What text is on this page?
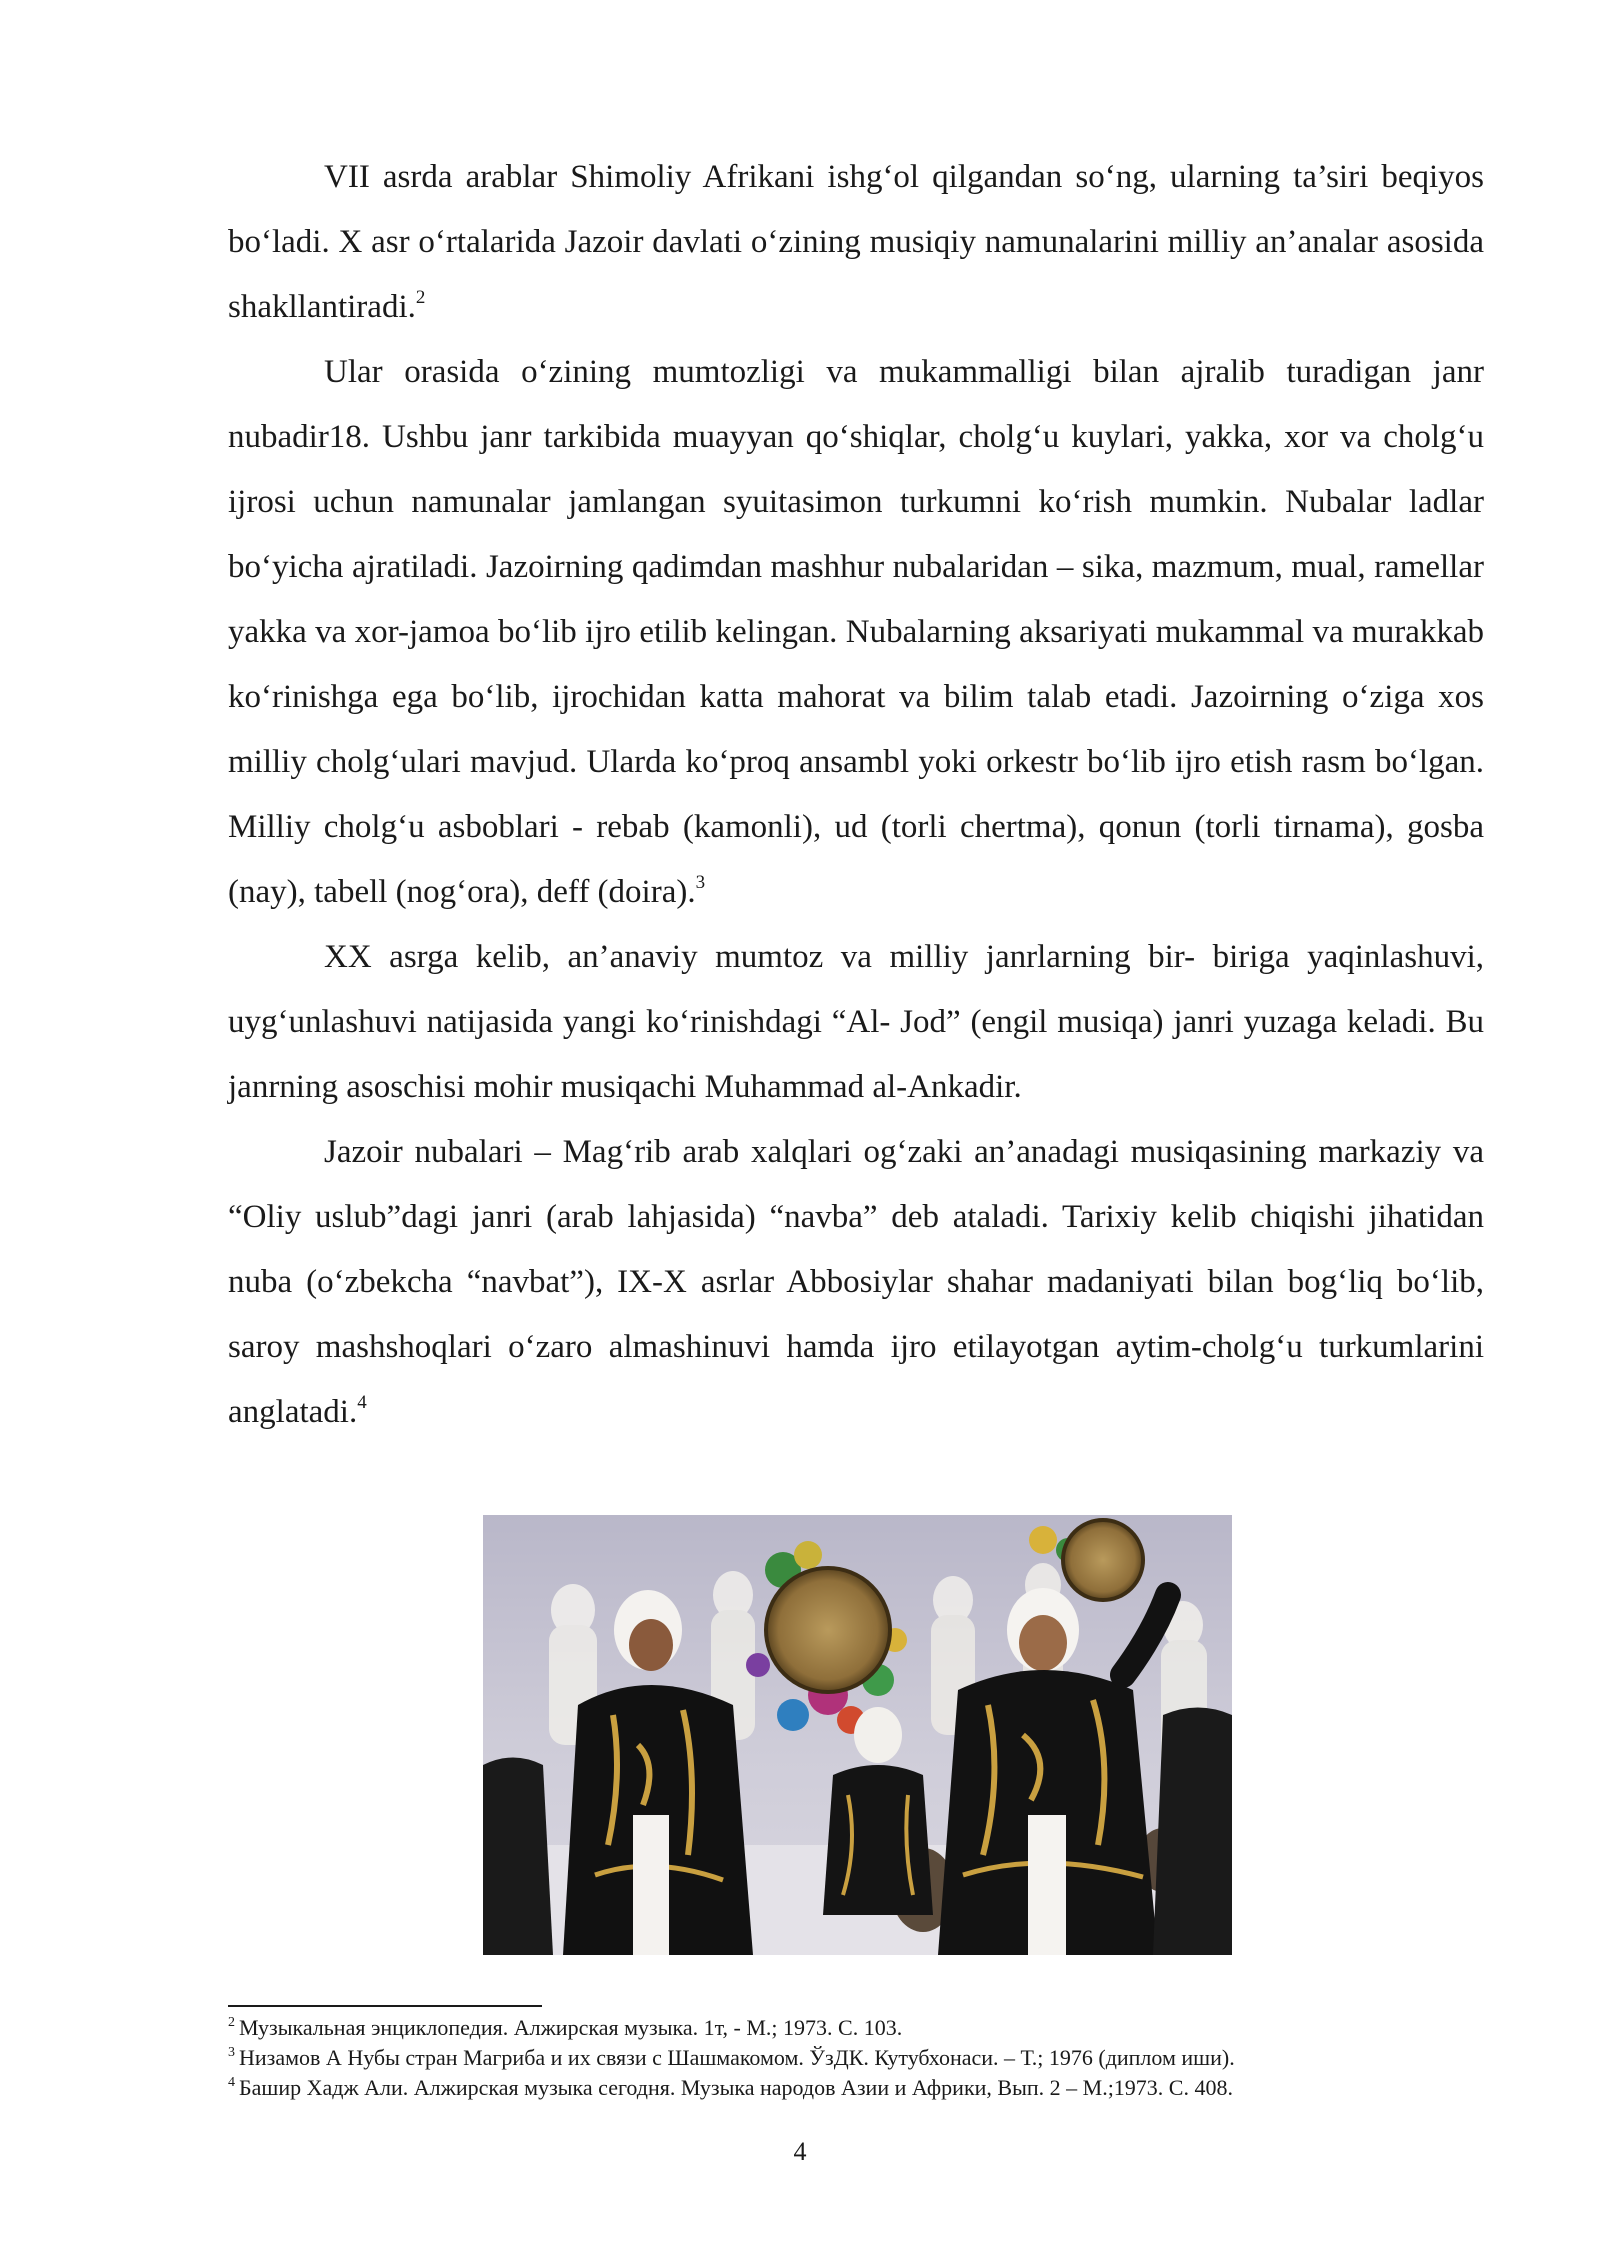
VII asrda arablar Shimoliy Afrikani ishg‘ol qilgandan so‘ng, ularning ta’siri beqiyos bo‘ladi. X asr o‘rtalarida Jazoir davlati o‘zining musiqiy namunalarini milliy an’analar asosida shakllantiradi.$^2$

Ular orasida o‘zining mumtozligi va mukammalligi bilan ajralib turadigan janr nubadir18. Ushbu janr tarkibida muayyan qo‘shiqlar, cholg‘u kuylari, yakka, xor va cholg‘u ijrosi uchun namunalar jamlangan syuitasimon turkumni ko‘rish mumkin. Nubalar ladlar bo‘yicha ajratiladi. Jazoirning qadimdan mashhur nubalaridan – sika, mazmum, mual, ramellar yakka va xor-jamoa bo‘lib ijro etilib kelingan. Nubalarning aksariyati mukammal va murakkab ko‘rinishga ega bo‘lib, ijrochidan katta mahorat va bilim talab etadi. Jazoirning o‘ziga xos milliy cholg‘ulari mavjud. Ularda ko‘proq ansambl yoki orkestr bo‘lib ijro etish rasm bo‘lgan. Milliy cholg‘u asboblari - rebab (kamonli), ud (torli chertma), qonun (torli tirnama), gosba (nay), tabell (nog‘ora), deff (doira).$^3$

XX asrga kelib, an’anaviy mumtoz va milliy janrlarning bir- biriga yaqinlashuvi, uyg‘unlashuvi natijasida yangi ko‘rinishdagi “Al- Jod” (engil musiqa) janri yuzaga keladi. Bu janrning asoschisi mohir musiqachi Muhammad al-Ankadir.

Jazoir nubalari – Mag‘rib arab xalqlari og‘zaki an’anadagi musiqasining markaziy va “Oliy uslub”dagi janri (arab lahjasida) “navba” deb ataladi. Tarixiy kelib chiqishi jihatidan nuba (o‘zbekcha “navbat”), IX-X asrlar Abbosiylar shahar madaniyati bilan bog‘liq bo‘lib, saroy mashshoqlari o‘zaro almashinuvi hamda ijro etilayotgan aytim-cholg‘u turkumlarini anglatadi.$^4$

$^2$ Музыкальная энциклопедия. Алжирская музыка. 1т, - М.; 1973. С. 103.

$^3$ Низамов А Нубы стран Магриба и их связи с Шашмакомом. ЎзДК. Кутубхонаси. – Т.; 1976 (диплом иши).

$^4$ Башир Хадж Али. Алжирская музыка сегодня. Музыка народов Азии и Африки, Вып. 2 – М.;1973. С. 408.

4
